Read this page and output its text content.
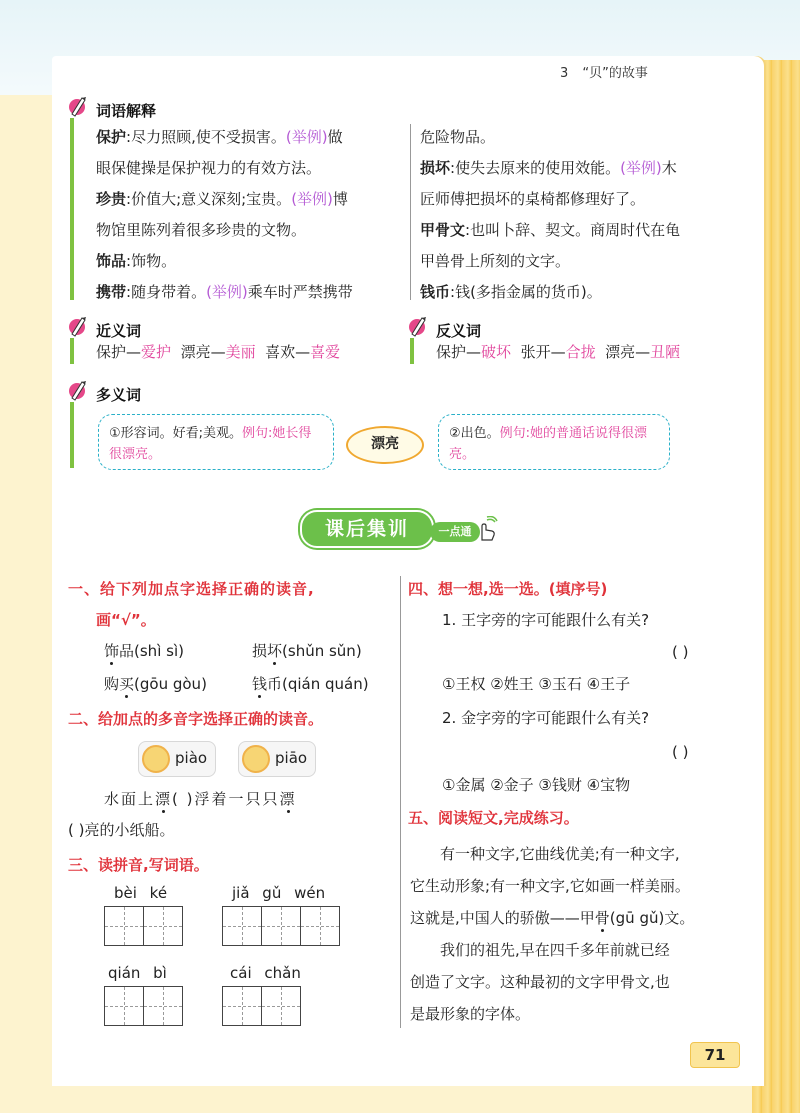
3 “贝”的故事
词语解释
保护:尽力照顾,使不受损害。(举例)做
眼保健操是保护视力的有效方法。
珍贵:价值大;意义深刻;宝贵。(举例)博
物馆里陈列着很多珍贵的文物。
饰品:饰物。
携带:随身带着。(举例)乘车时严禁携带
危险物品。
损坏:使失去原来的使用效能。(举例)木
匠师傅把损坏的桌椅都修理好了。
甲骨文:也叫卜辞、契文。商周时代在龟
甲兽骨上所刻的文字。
钱币:钱(多指金属的货币)。
近义词
保护—爱护 漂亮—美丽 喜欢—喜爱
反义词
保护—破坏 张开—合拢 漂亮—丑陋
多义词
①形容词。好看;美观。例句:她长得很漂亮。
漂亮
②出色。例句:她的普通话说得很漂亮。
课后集训	一点通
一、给下列加点字选择正确的读音,
画“√”。
饰品(shì sì)	损坏(shǔn sǔn)
购买(gōu gòu)	钱币(qián quán)
二、给加点的多音字选择正确的读音。
piào	piāo
水面上漂( )浮着一只只漂
( )亮的小纸船。
三、读拼音,写词语。
bèi ké	jiǎ gǔ wén
qián bì	cái chǎn
四、想一想,选一选。(填序号)
1. 王字旁的字可能跟什么有关?
( )
①王权 ②姓王 ③玉石 ④王子
2. 金字旁的字可能跟什么有关?
( )
①金属 ②金子 ③钱财 ④宝物
五、阅读短文,完成练习。
有一种文字,它曲线优美;有一种文字,
它生动形象;有一种文字,它如画一样美丽。
这就是,中国人的骄傲——甲骨(gū gǔ)文。
我们的祖先,早在四千多年前就已经
创造了文字。这种最初的文字甲骨文,也
是最形象的字体。
71
